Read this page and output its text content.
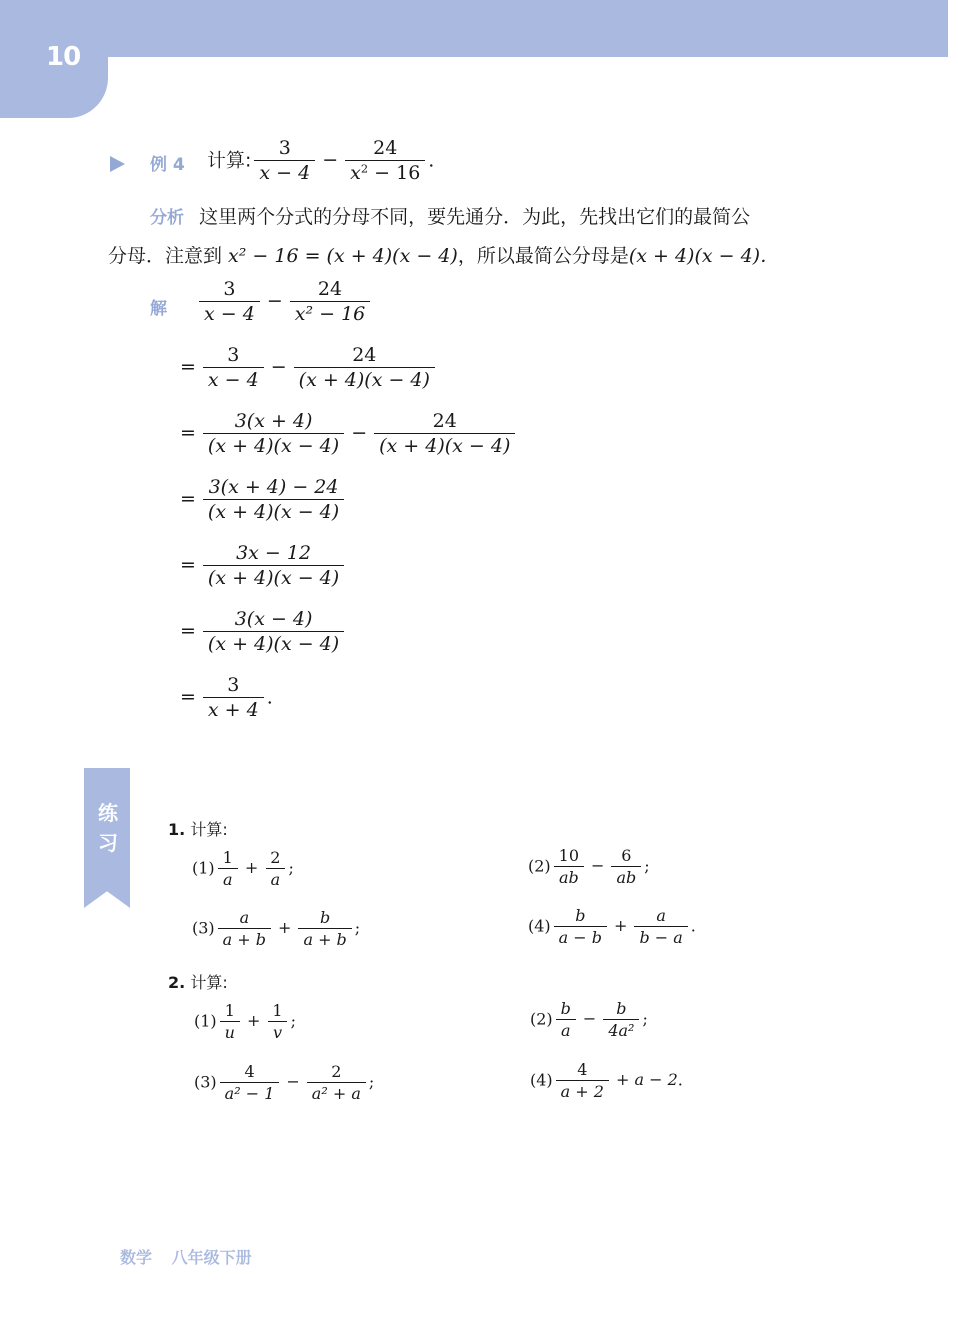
10
例 4 计算: $\frac{3}{x - 4} - \frac{24}{x^2 - 16}$ .
分析 这里两个分式的分母不同，要先通分．为此，先找出它们的最简公
分母．注意到 x² − 16 = (x + 4)(x − 4)，所以最简公分母是(x + 4)(x − 4)．
解 $\frac{3}{x - 4} - \frac{24}{\text{x² − 16}}$
= $\frac{3}{x - 4} - \frac{24}{(x + 4)(x - 4)}$
= $\frac{3(x + 4)}{(x + 4)(x - 4)} - \frac{24}{(x + 4)(x - 4)}$
= $\frac{3(x + 4) - 24}{(x + 4)(x - 4)}$
= $\frac{3x - 12}{(x + 4)(x - 4)}$
= $\frac{3(x - 4)}{(x + 4)(x - 4)}$
= $\frac{3}{x + 4}$ .
练习
1. 计算:
$(1) \frac{1}{a} + \frac{2}{a}$ ;	$(2) \frac{10}{ab} - \frac{6}{ab}$ ;
$(3) \frac{a}{a + b} + \frac{b}{a + b}$ ;	$(4) \frac{b}{a - b} + \frac{a}{b - a}$ .
2. 计算:
$(1) \frac{1}{u} + \frac{1}{v}$ ;	$(2) \frac{b}{a} - \frac{b}{\text{4a²}}$ ;
$(3) \frac{4}{\text{a² − 1}} - \frac{2}{\text{a² + a}}$ ;	$(4) \frac{4}{a + 2} + a - 2$.
数学 八年级下册
